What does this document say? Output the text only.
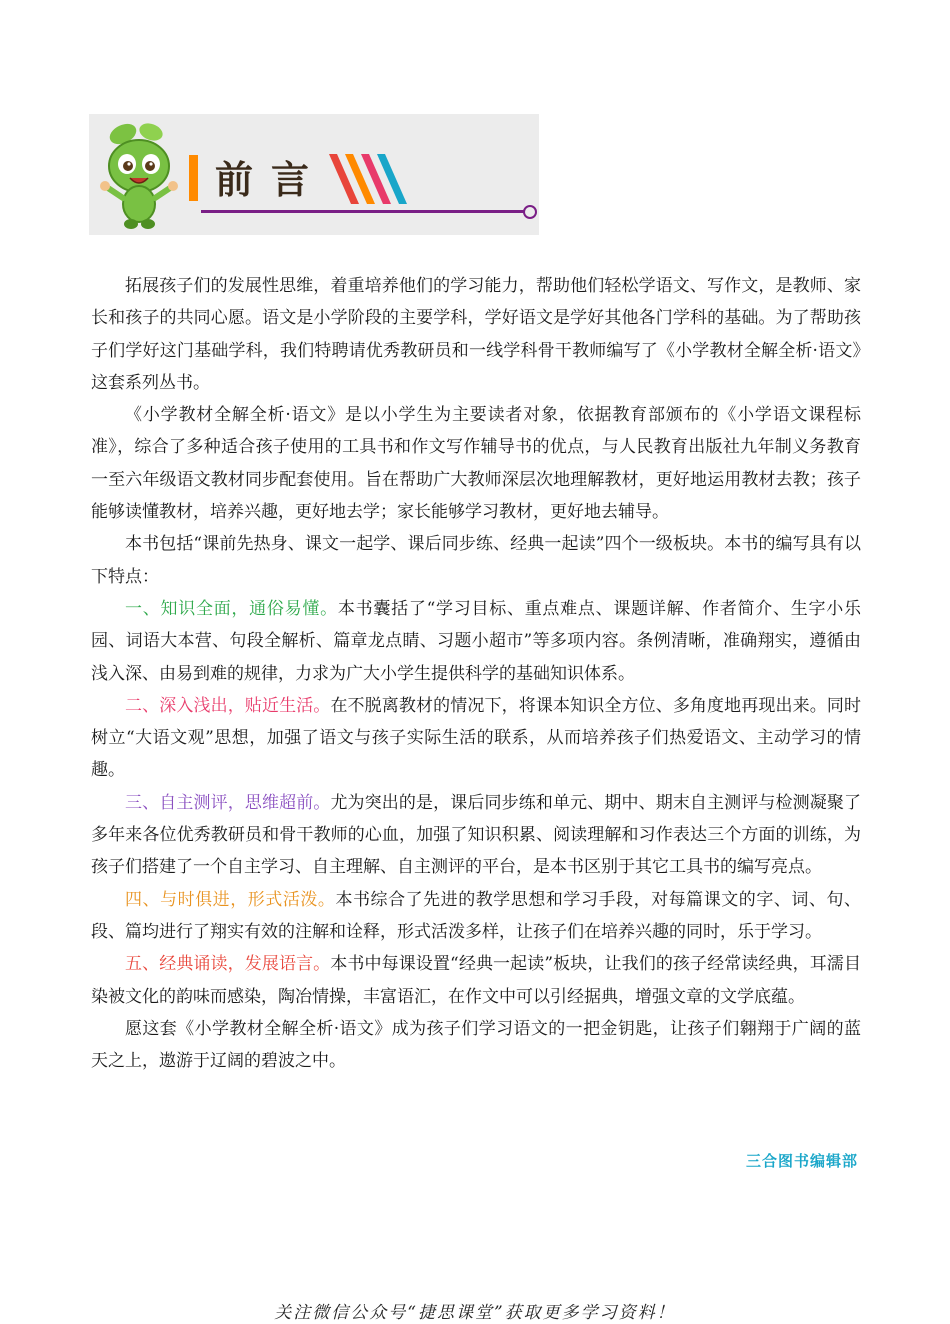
前言

拓展孩子们的发展性思维，着重培养他们的学习能力，帮助他们轻松学语文、写作文，是教师、家长和孩子的共同心愿。语文是小学阶段的主要学科，学好语文是学好其他各门学科的基础。为了帮助孩子们学好这门基础学科，我们特聘请优秀教研员和一线学科骨干教师编写了《小学教材全解全析·语文》这套系列丛书。

《小学教材全解全析·语文》是以小学生为主要读者对象，依据教育部颁布的《小学语文课程标准》，综合了多种适合孩子使用的工具书和作文写作辅导书的优点，与人民教育出版社九年制义务教育一至六年级语文教材同步配套使用。旨在帮助广大教师深层次地理解教材，更好地运用教材去教；孩子能够读懂教材，培养兴趣，更好地去学；家长能够学习教材，更好地去辅导。

本书包括“课前先热身、课文一起学、课后同步练、经典一起读”四个一级板块。本书的编写具有以下特点：

一、知识全面，通俗易懂。本书囊括了“学习目标、重点难点、课题详解、作者简介、生字小乐园、词语大本营、句段全解析、篇章龙点睛、习题小超市”等多项内容。条例清晰，准确翔实，遵循由浅入深、由易到难的规律，力求为广大小学生提供科学的基础知识体系。

二、深入浅出，贴近生活。在不脱离教材的情况下，将课本知识全方位、多角度地再现出来。同时树立“大语文观”思想，加强了语文与孩子实际生活的联系，从而培养孩子们热爱语文、主动学习的情趣。

三、自主测评，思维超前。尤为突出的是，课后同步练和单元、期中、期末自主测评与检测凝聚了多年来各位优秀教研员和骨干教师的心血，加强了知识积累、阅读理解和习作表达三个方面的训练，为孩子们搭建了一个自主学习、自主理解、自主测评的平台，是本书区别于其它工具书的编写亮点。

四、与时俱进，形式活泼。本书综合了先进的教学思想和学习手段，对每篇课文的字、词、句、段、篇均进行了翔实有效的注解和诠释，形式活泼多样，让孩子们在培养兴趣的同时，乐于学习。

五、经典诵读，发展语言。本书中每课设置“经典一起读”板块，让我们的孩子经常读经典，耳濡目染被文化的韵味而感染，陶冶情操，丰富语汇，在作文中可以引经据典，增强文章的文学底蕴。

愿这套《小学教材全解全析·语文》成为孩子们学习语文的一把金钥匙，让孩子们翱翔于广阔的蓝天之上，遨游于辽阔的碧波之中。

三合图书编辑部
关注微信公众号“捷思课堂”获取更多学习资料！
